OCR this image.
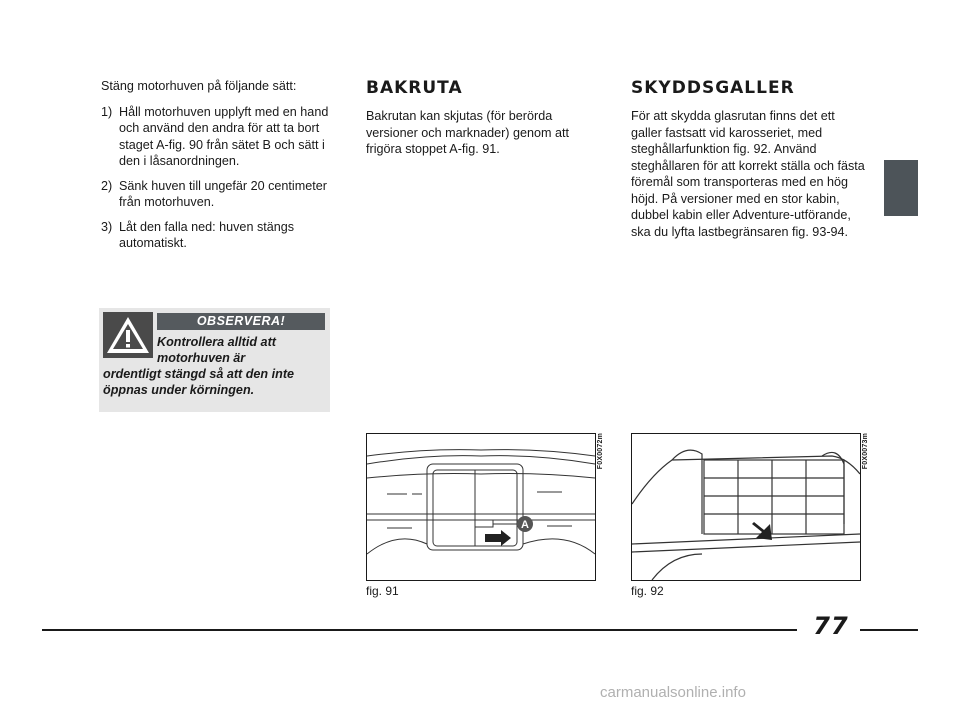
Stäng motorhuven på följande sätt:

1) Håll motorhuven upplyft med en hand och använd den andra för att ta bort staget A-fig. 90 från sätet B och sätt i den i låsanordningen.
2) Sänk huven till ungefär 20 centimeter från motorhuven.
3) Låt den falla ned: huven stängs automatiskt.
OBSERVERA!
Kontrollera alltid att motorhuven är
ordentligt stängd så att den inte öppnas under körningen.
BAKRUTA

Bakrutan kan skjutas (för berörda versioner och marknader) genom att frigöra stoppet A-fig. 91.

SKYDDSGALLER

För att skydda glasrutan finns det ett galler fastsatt vid karosseriet, med steghållarfunktion fig. 92. Använd steghållaren för att korrekt ställa och fästa föremål som transporteras med en hög höjd. På versioner med en stor kabin, dubbel kabin eller Adventure-utförande, ska du lyfta lastbegränsaren fig. 93-94.

A
F0X0072m
fig. 91
F0X0073m
fig. 92
77
carmanualsonline.info
